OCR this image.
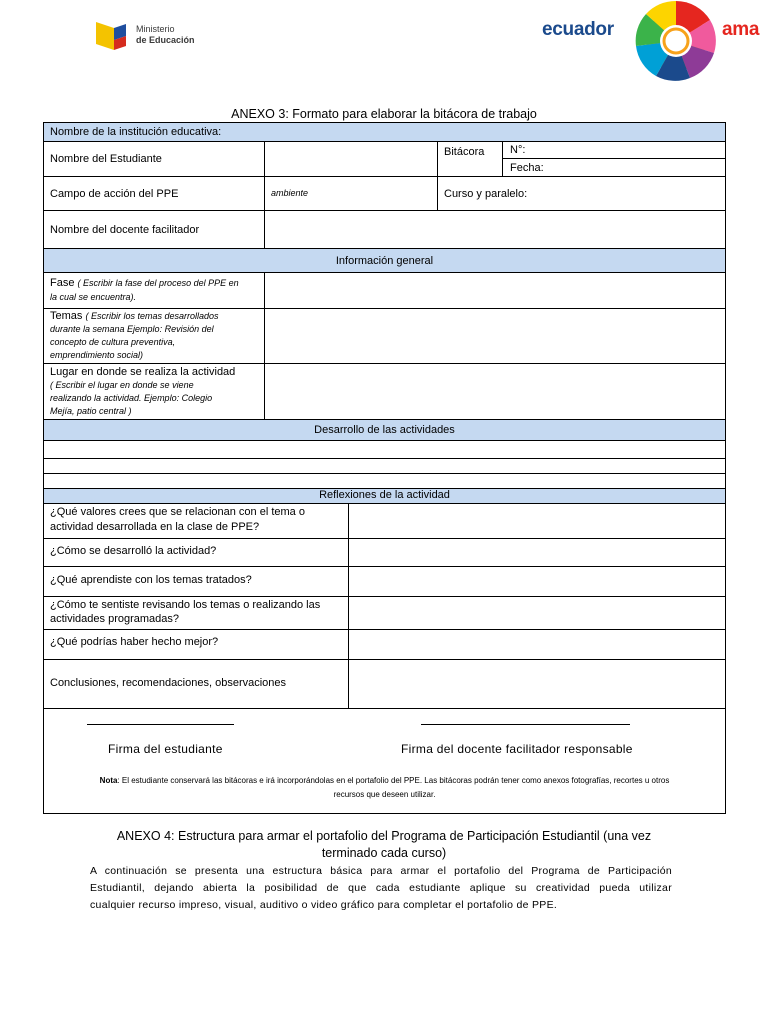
Ministerio
de Educación	ecuador	ama
ANEXO 3: Formato para elaborar la bitácora de trabajo
Nombre de la institución educativa:
Nombre del Estudiante
Bitácora N°:
Fecha:
Campo de acción del PPE	ambiente	Curso y paralelo:
Nombre del docente facilitador
Información general
Fase ( Escribir la fase del proceso del PPE en
la cual se encuentra).
Temas ( Escribir los temas desarrollados
durante la semana Ejemplo: Revisión del
concepto de cultura preventiva,
emprendimiento social)
Lugar en donde se realiza la actividad
( Escribir el lugar en donde se viene
realizando la actividad. Ejemplo: Colegio
Mejía, patio central )
Desarrollo de las actividades
Reflexiones de la actividad
¿Qué valores crees que se relacionan con el tema o
actividad desarrollada en la clase de PPE?
¿Cómo se desarrolló la actividad?
¿Qué aprendiste con los temas tratados?
¿Cómo te sentiste revisando los temas o realizando las
actividades programadas?
¿Qué podrías haber hecho mejor?
Conclusiones, recomendaciones, observaciones
Firma del estudiante	Firma del docente facilitador responsable
Nota: El estudiante conservará las bitácoras e irá incorporándolas en el portafolio del PPE. Las bitácoras podrán tener como anexos fotografías, recortes u otros
recursos que deseen utilizar.
ANEXO 4: Estructura para armar el portafolio del Programa de Participación Estudiantil (una vez
terminado cada curso)
A continuación se presenta una estructura básica para armar el portafolio del Programa de Participación
Estudiantil, dejando abierta la posibilidad de que cada estudiante aplique su creatividad pueda utilizar
cualquier recurso impreso, visual, auditivo o video gráfico para completar el portafolio de PPE.
